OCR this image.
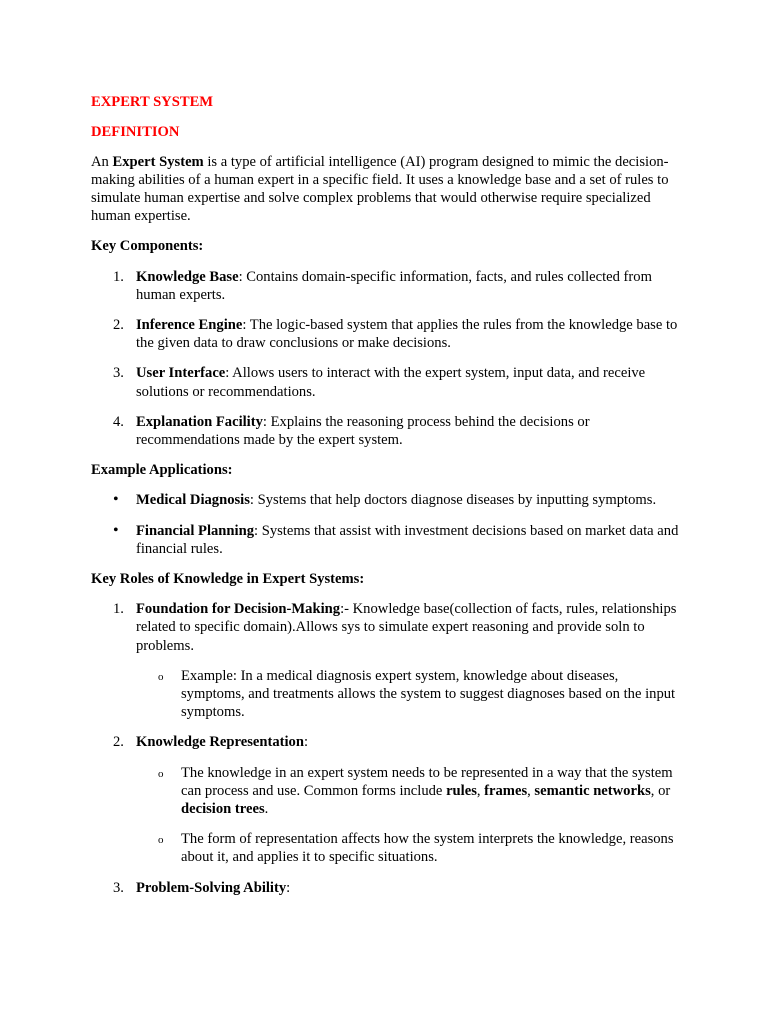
EXPERT SYSTEM

DEFINITION

An Expert System is a type of artificial intelligence (AI) program designed to mimic the decision-making abilities of a human expert in a specific field. It uses a knowledge base and a set of rules to simulate human expertise and solve complex problems that would otherwise require specialized human expertise.

Key Components:

1. Knowledge Base: Contains domain-specific information, facts, and rules collected from human experts.
2. Inference Engine: The logic-based system that applies the rules from the knowledge base to the given data to draw conclusions or make decisions.
3. User Interface: Allows users to interact with the expert system, input data, and receive solutions or recommendations.
4. Explanation Facility: Explains the reasoning process behind the decisions or recommendations made by the expert system.

Example Applications:

• Medical Diagnosis: Systems that help doctors diagnose diseases by inputting symptoms.
• Financial Planning: Systems that assist with investment decisions based on market data and financial rules.

Key Roles of Knowledge in Expert Systems:

1. Foundation for Decision-Making:- Knowledge base(collection of facts, rules, relationships related to specific domain).Allows sys to simulate expert reasoning and provide soln to problems.
o Example: In a medical diagnosis expert system, knowledge about diseases, symptoms, and treatments allows the system to suggest diagnoses based on the input symptoms.
2. Knowledge Representation:
o The knowledge in an expert system needs to be represented in a way that the system can process and use. Common forms include rules, frames, semantic networks, or decision trees.
o The form of representation affects how the system interprets the knowledge, reasons about it, and applies it to specific situations.
3. Problem-Solving Ability:
